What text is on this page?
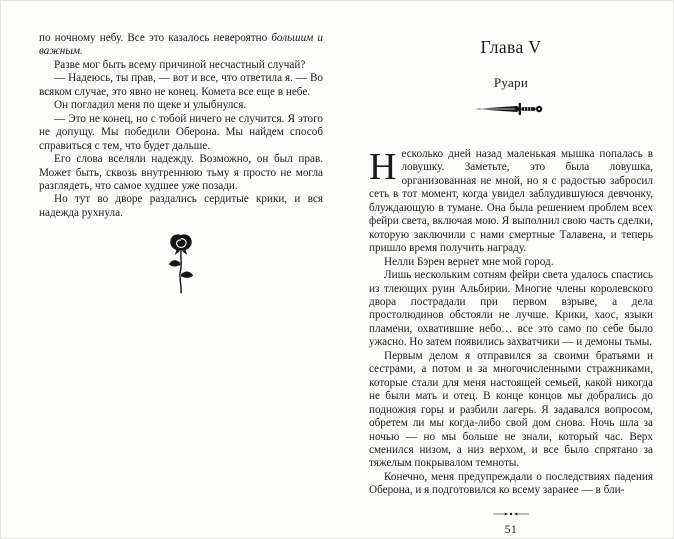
по ночному небу. Все это казалось невероятно большим и важным.

Разве мог быть всему причиной несчастный случай?

— Надеюсь, ты прав, — вот и все, что ответила я. — Во всяком случае, это явно не конец. Комета все еще в небе.

Он погладил меня по щеке и улыбнулся.

— Это не конец, но с тобой ничего не случится. Я этого не допущу. Мы победили Оберона. Мы найдем способ справиться с тем, что будет дальше.

Его слова вселяли надежду. Возможно, он был прав. Может быть, сквозь внутреннюю тьму я просто не могла разглядеть, что самое худшее уже позади.

Но тут во дворе раздались сердитые крики, и вся надежда рухнула.

Глава V
Руари

Несколько дней назад маленькая мышка попалась в ловушку. Заметьте, это была ловушка, организованная не мной, но я с радостью забросил сеть в тот момент, когда увидел заблудившуюся девчонку, блуждающую в тумане. Она была решением проблем всех фейри света, включая мою. Я выполнил свою часть сделки, которую заключили с нами смертные Талавена, и теперь пришло время получить награду.

Нелли Бэрен вернет мне мой город.

Лишь нескольким сотням фейри света удалось спастись из тлеющих руин Альбирии. Многие члены королевского двора пострадали при первом взрыве, а дела простолюдинов обстояли не лучше. Крики, хаос, языки пламени, охватившие небо… все это само по себе было ужасно. Но затем появились захватчики — и демоны тьмы.

Первым делом я отправился за своими братьями и сестрами, а потом и за многочисленными стражниками, которые стали для меня настоящей семьей, какой никогда не были мать и отец. В конце концов мы добрались до подножия горы и разбили лагерь. Я задавался вопросом, обретем ли мы когда-либо свой дом снова. Ночь шла за ночью — но мы больше не знали, который час. Верх сменился низом, а низ верхом, и все было спрятано за тяжелым покрывалом темноты.

Конечно, меня предупреждали о последствиях падения Оберона, и я подготовился ко всему заранее — в бли-

51
